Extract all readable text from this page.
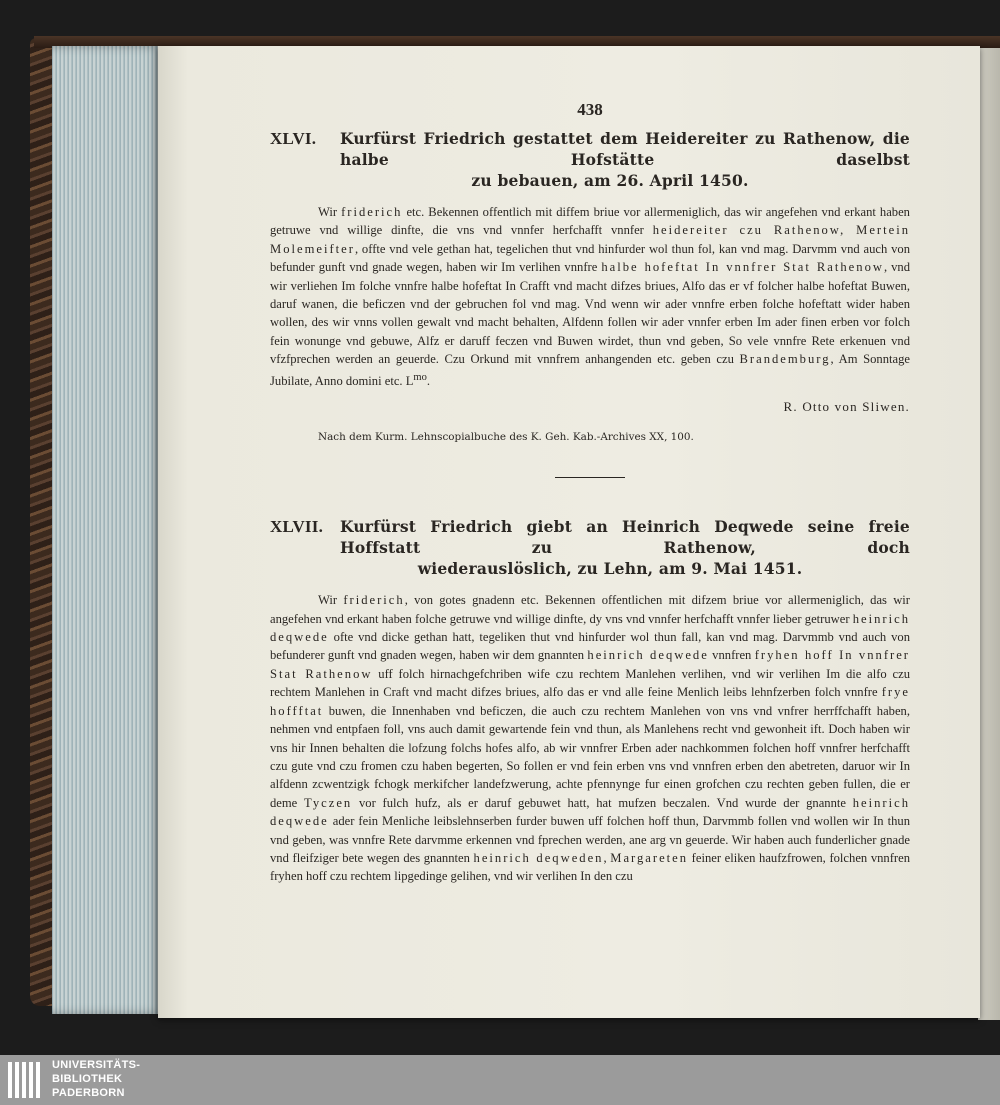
438
XLVI.	Kurfürst Friedrich gestattet dem Heidereiter zu Rathenow, die halbe Hofstätte daselbst
zu bebauen, am 26. April 1450.

Wir friderich etc. Bekennen offentlich mit diffem briue vor allermeniglich, das wir angefehen vnd erkant haben getruwe vnd willige dinfte, die vns vnd vnnfer herfchafft vnnfer heidereiter czu Rathenow, Mertein Molemeifter, offte vnd vele gethan hat, tegelichen thut vnd hinfurder wol thun fol, kan vnd mag. Darvmm vnd auch von befunder gunft vnd gnade wegen, haben wir Im verlihen vnnfre halbe hofeftat In vnnfrer Stat Rathenow, vnd wir verliehen Im folche vnnfre halbe hofeftat In Crafft vnd macht difzes briues, Alfo das er vf folcher halbe hofeftat Buwen, daruf wanen, die beficzen vnd der gebruchen fol vnd mag. Vnd wenn wir ader vnnfre erben folche hofeftatt wider haben wollen, des wir vnns vollen gewalt vnd macht behalten, Alfdenn follen wir ader vnnfer erben Im ader finen erben vor folch fein wonunge vnd gebuwe, Alfz er daruff feczen vnd Buwen wirdet, thun vnd geben, So vele vnnfre Rete erkenuen vnd vfzfprechen werden an geuerde. Czu Orkund mit vnnfrem anhangenden etc. geben czu Brandemburg, Am Sonntage Jubilate, Anno domini etc. $L^{mo}$.

R. Otto von Sliwen.
Nach dem Kurm. Lehnscopialbuche des K. Geh. Kab.-Archives XX, 100.
XLVII.	Kurfürst Friedrich giebt an Heinrich Deqwede seine freie Hoffstatt zu Rathenow, doch
wiederauslöslich, zu Lehn, am 9. Mai 1451.

Wir friderich, von gotes gnadenn etc. Bekennen offentlichen mit difzem briue vor allermeniglich, das wir angefehen vnd erkant haben folche getruwe vnd willige dinfte, dy vns vnd vnnfer herfchafft vnnfer lieber getruwer heinrich deqwede ofte vnd dicke gethan hatt, tegeliken thut vnd hinfurder wol thun fall, kan vnd mag. Darvmmb vnd auch von befunderer gunft vnd gnaden wegen, haben wir dem gnannten heinrich deqwede vnnfren fryhen hoff In vnnfrer Stat Rathenow uff folch hirnachgefchriben wife czu rechtem Manlehen verlihen, vnd wir verlihen Im die alfo czu rechtem Manlehen in Craft vnd macht difzes briues, alfo das er vnd alle feine Menlich leibs lehnfzerben folch vnnfre frye hoffftat buwen, die Innenhaben vnd beficzen, die auch czu rechtem Manlehen von vns vnd vnfrer herrffchafft haben, nehmen vnd entpfaen foll, vns auch damit gewartende fein vnd thun, als Manlehens recht vnd gewonheit ift. Doch haben wir vns hir Innen behalten die lofzung folchs hofes alfo, ab wir vnnfrer Erben ader nachkommen folchen hoff vnnfrer herfchafft czu gute vnd czu fromen czu haben begerten, So follen er vnd fein erben vns vnd vnnfren erben den abetreten, daruor wir In alfdenn zcwentzigk fchogk merkifcher landefzwerung, achte pfennynge fur einen grofchen czu rechten geben fullen, die er deme Tyczen vor fulch hufz, als er daruf gebuwet hatt, hat mufzen beczalen. Vnd wurde der gnannte heinrich deqwede ader fein Menliche leibslehnserben furder buwen uff folchen hoff thun, Darvmmb follen vnd wollen wir In thun vnd geben, was vnnfre Rete darvmme erkennen vnd fprechen werden, ane arg vn geuerde. Wir haben auch funderlicher gnade vnd fleifziger bete wegen des gnannten heinrich deqweden, Margareten feiner eliken haufzfrowen, folchen vnnfren fryhen hoff czu rechtem lipgedinge gelihen, vnd wir verlihen In den czu

UNIVERSITÄTS-
BIBLIOTHEK
PADERBORN
